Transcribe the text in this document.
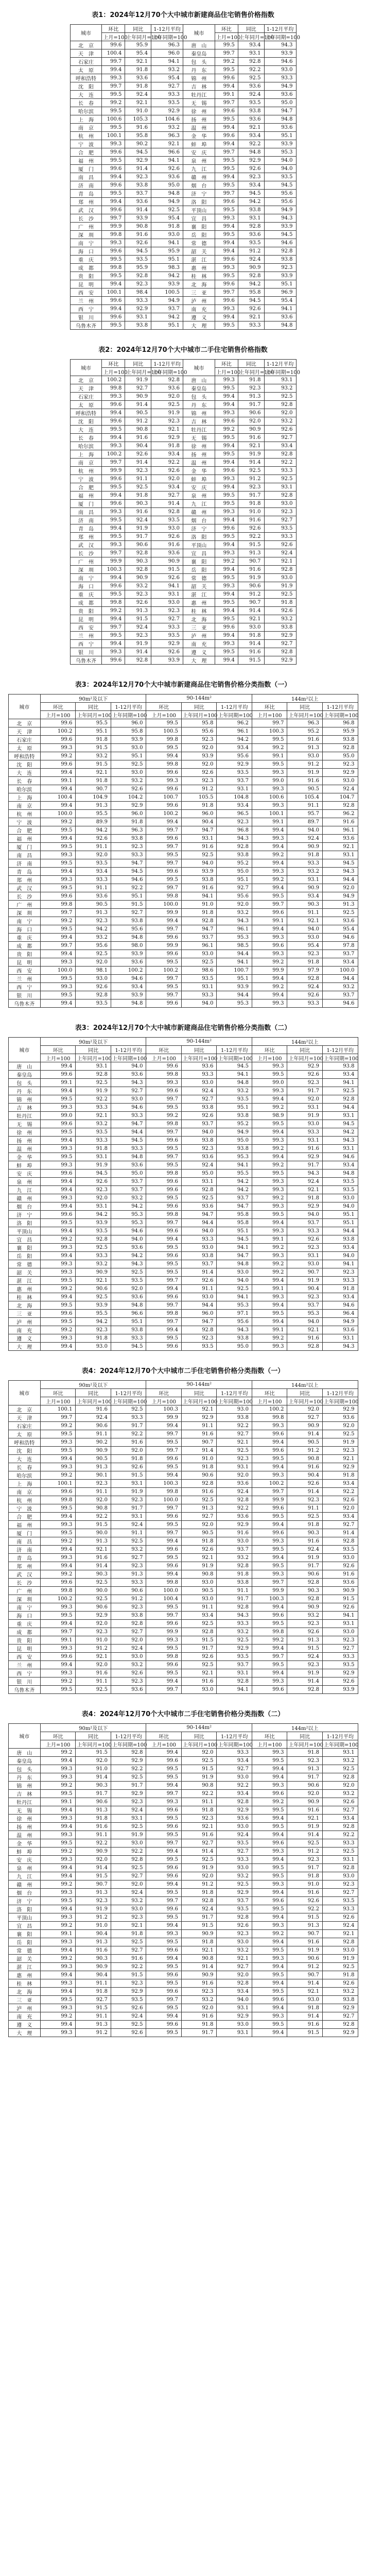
表1：2024年12月70个大中城市新建商品住宅销售价格指数
城市	环比	同比	1-12月平均	城市	环比	同比	1-12月平均
	上月=100	上年同月=100	上年同期=100		上月=100	上年同月=100	上年同期=100
北　京	99.6	95.9	96.3	唐　山	99.5	93.4	94.3
天　津	100.4	95.4	96.0	秦皇岛	99.7	93.1	93.9
石家庄	99.7	92.1	94.1	包　头	99.2	92.8	94.6
太　原	99.4	91.8	93.2	丹　东	99.5	92.2	93.0
呼和浩特	99.3	93.6	95.4	锦　州	99.6	92.5	93.3
沈　阳	99.7	91.8	92.7	吉　林	99.4	93.6	94.9
大　连	99.5	92.4	93.3	牡丹江	99.1	92.4	93.6
长　春	99.2	92.1	93.5	无　锡	99.7	93.5	95.0
哈尔滨	99.5	91.0	92.9	徐　州	99.6	93.8	94.7
上　海	100.6	105.3	104.6	扬　州	99.5	93.6	94.8
南　京	99.5	91.6	93.2	温　州	99.4	92.1	93.6
杭　州	100.1	95.8	96.3	金　华	99.6	93.4	95.1
宁　波	99.3	90.2	92.1	蚌　埠	99.4	92.2	93.9
合　肥	99.6	94.5	96.6	安　庆	99.7	94.8	95.3
福　州	99.5	92.9	94.1	泉　州	99.5	92.9	94.0
厦　门	99.6	91.4	92.6	九　江	99.5	92.6	94.0
南　昌	99.4	92.3	93.6	赣　州	99.4	92.3	93.5
济　南	99.6	93.8	95.0	烟　台	99.5	93.4	94.5
青　岛	99.5	93.7	94.8	济　宁	99.7	94.5	95.6
郑　州	99.4	93.6	94.9	洛　阳	99.6	94.2	95.6
武　汉	99.6	91.4	92.5	平顶山	99.5	93.8	94.9
长　沙	99.7	93.9	95.4	宜　昌	99.3	93.1	94.3
广　州	99.9	90.8	91.8	襄　阳	99.4	92.8	93.9
深　圳	99.8	91.6	93.0	岳　阳	99.5	93.6	94.5
南　宁	99.3	92.6	94.1	常　德	99.4	93.5	94.6
海　口	99.6	94.5	95.9	韶　关	99.4	91.2	92.8
重　庆	99.5	93.5	95.1	湛　江	99.6	92.4	93.8
成　都	99.8	95.9	98.3	惠　州	99.3	90.9	92.3
贵　阳	99.5	92.8	94.2	桂　林	99.5	92.8	93.9
昆　明	99.4	92.3	93.9	北　海	99.6	94.2	95.1
西　安	100.1	98.4	100.5	三　亚	99.7	95.8	96.9
兰　州	99.6	93.3	94.9	泸　州	99.6	94.5	95.4
西　宁	99.4	92.9	93.7	南　充	99.3	92.6	94.1
银　川	99.6	93.1	94.2	遵　义	99.4	92.1	93.6
乌鲁木齐	99.5	93.8	95.1	大　理	99.5	93.3	94.8
表2：2024年12月70个大中城市二手住宅销售价格指数
城市	环比	同比	1-12月平均	城市	环比	同比	1-12月平均
	上月=100	上年同月=100	上年同期=100		上月=100	上年同月=100	上年同期=100
北　京	100.2	91.9	92.8	唐　山	99.3	91.8	93.1
天　津	99.8	92.7	93.6	秦皇岛	99.5	92.3	93.2
石家庄	99.3	90.9	92.0	包　头	99.4	91.3	92.5
太　原	99.6	91.4	92.5	丹　东	99.4	91.7	92.8
呼和浩特	99.4	90.5	91.9	锦　州	99.3	90.6	92.0
沈　阳	99.6	91.2	92.3	吉　林	99.6	92.0	93.2
大　连	99.5	90.8	92.1	牡丹江	99.2	90.9	92.6
长　春	99.4	91.6	92.9	无　锡	99.5	91.6	92.7
哈尔滨	99.3	90.4	91.8	徐　州	99.4	92.1	93.4
上　海	100.2	92.6	93.4	扬　州	99.5	91.9	92.8
南　京	99.7	91.4	92.2	温　州	99.4	91.4	92.2
杭　州	99.9	92.3	92.6	金　华	99.6	92.5	93.3
宁　波	99.6	91.1	92.0	蚌　埠	99.3	91.2	92.5
合　肥	99.5	92.5	93.4	安　庆	99.4	92.3	93.1
福　州	99.4	91.8	92.7	泉　州	99.5	91.7	92.8
厦　门	99.6	90.3	91.4	九　江	99.5	91.8	93.0
南　昌	99.3	91.6	92.8	赣　州	99.3	91.0	92.3
济　南	99.5	92.4	93.5	烟　台	99.4	91.6	92.7
青　岛	99.4	91.9	93.0	济　宁	99.6	92.6	93.5
郑　州	99.5	91.7	92.6	洛　阳	99.5	92.2	93.3
武　汉	99.3	90.6	91.6	平顶山	99.4	91.5	92.6
长　沙	99.7	92.8	93.6	宜　昌	99.3	91.3	92.4
广　州	99.9	90.3	90.9	襄　阳	99.2	90.7	92.1
深　圳	100.3	92.8	91.5	岳　阳	99.4	91.6	92.8
南　宁	99.4	90.9	92.6	常　德	99.5	91.9	93.0
海　口	99.6	93.2	94.1	韶　关	99.3	90.6	91.9
重　庆	99.5	92.3	93.1	湛　江	99.4	91.2	92.5
成　都	99.8	92.6	93.0	惠　州	99.5	90.7	91.8
贵　阳	99.2	91.3	92.3	桂　林	99.4	91.4	92.6
昆　明	99.4	91.5	92.7	北　海	99.5	92.1	93.2
西　安	99.7	92.4	93.3	三　亚	99.6	93.0	93.8
兰　州	99.5	92.3	93.5	泸　州	99.4	91.8	92.9
西　宁	99.4	91.9	92.9	南　充	99.3	91.4	92.7
银　川	99.3	91.4	92.6	遵　义	99.5	91.6	92.8
乌鲁木齐	99.6	92.8	93.9	大　理	99.4	91.5	92.9
表3：2024年12月70个大中城市新建商品住宅销售价格分类指数（一）
城市	90m²及以下			90-144m²			144m²以上		
	环比	同比	1-12月平均	环比	同比	1-12月平均	环比	同比	1-12月平均
	上月=100	上年同月=100	上年同期=100	上月=100	上年同月=100	上年同期=100	上月=100	上年同月=100	上年同期=100
北　京	99.6	95.5	96.0	99.5	95.8	96.2	99.7	96.3	96.8
天　津	100.2	95.1	95.8	100.5	95.6	96.1	100.3	95.2	95.9
石家庄	99.6	91.8	93.9	99.8	92.3	94.2	99.5	91.6	93.8
太　原	99.3	91.5	93.0	99.5	92.0	93.4	99.2	91.3	92.8
呼和浩特	99.2	93.2	95.1	99.4	93.9	95.6	99.1	93.0	95.0
沈　阳	99.6	91.5	92.5	99.8	92.0	92.9	99.5	91.2	92.3
大　连	99.4	92.1	93.0	99.6	92.6	93.5	99.3	91.9	92.9
长　春	99.1	91.8	93.2	99.3	92.3	93.7	99.0	91.6	93.0
哈尔滨	99.4	90.7	92.6	99.6	91.2	93.1	99.3	90.5	92.4
上　海	100.4	104.9	104.2	100.7	105.5	104.8	100.6	105.4	104.7
南　京	99.4	91.3	92.9	99.6	91.8	93.4	99.3	91.1	92.8
杭　州	100.0	95.5	96.0	100.2	96.0	96.5	100.1	95.7	96.2
宁　波	99.2	89.9	91.8	99.4	90.4	92.3	99.1	89.7	91.6
合　肥	99.5	94.2	96.3	99.7	94.7	96.8	99.4	94.0	96.1
福　州	99.4	92.6	93.8	99.6	93.1	94.3	99.3	92.4	93.6
厦　门	99.5	91.1	92.3	99.7	91.6	92.8	99.4	90.9	92.1
南　昌	99.3	92.0	93.3	99.5	92.5	93.8	99.2	91.8	93.1
济　南	99.5	93.5	94.7	99.7	94.0	95.2	99.4	93.3	94.5
青　岛	99.4	93.4	94.5	99.6	93.9	95.0	99.3	93.2	94.3
郑　州	99.3	93.3	94.6	99.5	93.8	95.1	99.2	93.1	94.4
武　汉	99.5	91.1	92.2	99.7	91.6	92.7	99.4	90.9	92.0
长　沙	99.6	93.6	95.1	99.8	94.1	95.6	99.5	93.4	94.9
广　州	99.8	90.5	91.5	100.0	91.0	92.0	99.7	90.3	91.3
深　圳	99.7	91.3	92.7	99.9	91.8	93.2	99.6	91.1	92.5
南　宁	99.2	92.3	93.8	99.4	92.8	94.3	99.1	92.1	93.6
海　口	99.5	94.2	95.6	99.7	94.7	96.1	99.4	94.0	95.4
重　庆	99.4	93.2	94.8	99.6	93.7	95.3	99.3	93.0	94.6
成　都	99.7	95.6	98.0	99.9	96.1	98.5	99.6	95.4	97.8
贵　阳	99.4	92.5	93.9	99.6	93.0	94.4	99.3	92.3	93.7
昆　明	99.3	92.0	93.6	99.5	92.5	94.1	99.2	91.8	93.4
西　安	100.0	98.1	100.2	100.2	98.6	100.7	99.9	97.9	100.0
兰　州	99.5	93.0	94.6	99.7	93.5	95.1	99.4	92.8	94.4
西　宁	99.3	92.6	93.4	99.5	93.1	93.9	99.2	92.4	93.2
银　川	99.5	92.8	93.9	99.7	93.3	94.4	99.4	92.6	93.7
乌鲁木齐	99.4	93.5	94.8	99.6	94.0	95.3	99.3	93.3	94.6
表3：2024年12月70个大中城市新建商品住宅销售价格分类指数（二）
城市	90m²及以下			90-144m²			144m²以上		
	环比	同比	1-12月平均	环比	同比	1-12月平均	环比	同比	1-12月平均
	上月=100	上年同月=100	上年同期=100	上月=100	上年同月=100	上年同期=100	上月=100	上年同月=100	上年同期=100
唐　山	99.4	93.1	94.0	99.6	93.6	94.5	99.3	92.9	93.8
秦皇岛	99.6	92.8	93.6	99.8	93.3	94.1	99.5	92.6	93.4
包　头	99.1	92.5	94.3	99.3	93.0	94.8	99.0	92.3	94.1
丹　东	99.4	91.9	92.7	99.6	92.4	93.2	99.3	91.7	92.5
锦　州	99.5	92.2	93.0	99.7	92.7	93.5	99.4	92.0	92.8
吉　林	99.3	93.3	94.6	99.5	93.8	95.1	99.2	93.1	94.4
牡丹江	99.0	92.1	93.3	99.2	92.6	93.8	98.9	91.9	93.1
无　锡	99.6	93.2	94.7	99.8	93.7	95.2	99.5	93.0	94.5
徐　州	99.5	93.5	94.4	99.7	94.0	94.9	99.4	93.3	94.2
扬　州	99.4	93.3	94.5	99.6	93.8	95.0	99.3	93.1	94.3
温　州	99.3	91.8	93.3	99.5	92.3	93.8	99.2	91.6	93.1
金　华	99.5	93.1	94.8	99.7	93.6	95.3	99.4	92.9	94.6
蚌　埠	99.3	91.9	93.6	99.5	92.4	94.1	99.2	91.7	93.4
安　庆	99.6	94.5	95.0	99.8	95.0	95.5	99.5	94.3	94.8
泉　州	99.4	92.6	93.7	99.6	93.1	94.2	99.3	92.4	93.5
九　江	99.4	92.3	93.7	99.6	92.8	94.2	99.3	92.1	93.5
赣　州	99.3	92.0	93.2	99.5	92.5	93.7	99.2	91.8	93.0
烟　台	99.4	93.1	94.2	99.6	93.6	94.7	99.3	92.9	94.0
济　宁	99.6	94.2	95.3	99.8	94.7	95.8	99.5	94.0	95.1
洛　阳	99.5	93.9	95.3	99.7	94.4	95.8	99.4	93.7	95.1
平顶山	99.4	93.5	94.6	99.6	94.0	95.1	99.3	93.3	94.4
宜　昌	99.2	92.8	94.0	99.4	93.3	94.5	99.1	92.6	93.8
襄　阳	99.3	92.5	93.6	99.5	93.0	94.1	99.2	92.3	93.4
岳　阳	99.4	93.3	94.2	99.6	93.8	94.7	99.3	93.1	94.0
常　德	99.3	93.2	94.3	99.5	93.7	94.8	99.2	93.0	94.1
韶　关	99.3	90.9	92.5	99.5	91.4	93.0	99.2	90.7	92.3
湛　江	99.5	92.1	93.5	99.7	92.6	94.0	99.4	91.9	93.3
惠　州	99.2	90.6	92.0	99.4	91.1	92.5	99.1	90.4	91.8
桂　林	99.4	92.5	93.6	99.6	93.0	94.1	99.3	92.3	93.4
北　海	99.5	93.9	94.8	99.7	94.4	95.3	99.4	93.7	94.6
三　亚	99.6	95.5	96.6	99.8	96.0	97.1	99.5	95.3	96.4
泸　州	99.5	94.2	95.1	99.7	94.7	95.6	99.4	94.0	94.9
南　充	99.2	92.3	93.8	99.4	92.8	94.3	99.1	92.1	93.6
遵　义	99.3	91.8	93.3	99.5	92.3	93.8	99.2	91.6	93.1
大　理	99.4	93.0	94.5	99.6	93.5	95.0	99.3	92.8	94.3
表4：2024年12月70个大中城市二手住宅销售价格分类指数（一）
城市	90m²及以下			90-144m²			144m²以上		
	环比	同比	1-12月平均	环比	同比	1-12月平均	环比	同比	1-12月平均
	上月=100	上年同月=100	上年同期=100	上月=100	上年同月=100	上年同期=100	上月=100	上年同月=100	上年同期=100
北　京	100.1	91.6	92.5	100.3	92.1	93.0	100.2	92.0	92.9
天　津	99.7	92.4	93.3	99.9	92.9	93.8	99.8	92.7	93.6
石家庄	99.2	90.6	91.7	99.4	91.1	92.2	99.3	90.9	92.0
太　原	99.5	91.1	92.2	99.7	91.6	92.7	99.6	91.4	92.5
呼和浩特	99.3	90.2	91.6	99.5	90.7	92.1	99.4	90.5	91.9
沈　阳	99.5	90.9	92.0	99.7	91.4	92.5	99.6	91.2	92.3
大　连	99.4	90.5	91.8	99.6	91.0	92.3	99.5	90.8	92.1
长　春	99.3	91.3	92.6	99.5	91.8	93.1	99.4	91.6	92.9
哈尔滨	99.2	90.1	91.5	99.4	90.6	92.0	99.3	90.4	91.8
上　海	100.1	92.3	93.1	100.3	92.8	93.6	100.2	92.6	93.4
南　京	99.6	91.1	91.9	99.8	91.6	92.4	99.7	91.4	92.2
杭　州	99.8	92.0	92.3	100.0	92.5	92.8	99.9	92.3	92.6
宁　波	99.5	90.8	91.7	99.7	91.3	92.2	99.6	91.1	92.0
合　肥	99.4	92.2	93.1	99.6	92.7	93.6	99.5	92.5	93.4
福　州	99.3	91.5	92.4	99.5	92.0	92.9	99.4	91.8	92.7
厦　门	99.5	90.0	91.1	99.7	90.5	91.6	99.6	90.3	91.4
南　昌	99.2	91.3	92.5	99.4	91.8	93.0	99.3	91.6	92.8
济　南	99.4	92.1	93.2	99.6	92.6	93.7	99.5	92.4	93.5
青　岛	99.3	91.6	92.7	99.5	92.1	93.2	99.4	91.9	93.0
郑　州	99.4	91.4	92.3	99.6	91.9	92.8	99.5	91.7	92.6
武　汉	99.2	90.3	91.3	99.4	90.8	91.8	99.3	90.6	91.6
长　沙	99.6	92.5	93.3	99.8	93.0	93.8	99.7	92.8	93.6
广　州	99.8	90.0	90.6	100.0	90.5	91.1	99.9	90.3	90.9
深　圳	100.2	92.5	91.2	100.4	93.0	91.7	100.3	92.8	91.5
南　宁	99.3	90.6	92.3	99.5	91.1	92.8	99.4	90.9	92.6
海　口	99.5	92.9	93.8	99.7	93.4	94.3	99.6	93.2	94.1
重　庆	99.4	92.0	92.8	99.6	92.5	93.3	99.5	92.3	93.1
成　都	99.7	92.3	92.7	99.9	92.8	93.2	99.8	92.6	93.0
贵　阳	99.1	91.0	92.0	99.3	91.5	92.5	99.2	91.3	92.3
昆　明	99.3	91.2	92.4	99.5	91.7	92.9	99.4	91.5	92.7
西　安	99.6	92.1	93.0	99.8	92.6	93.5	99.7	92.4	93.3
兰　州	99.4	92.0	93.2	99.6	92.5	93.7	99.5	92.3	93.5
西　宁	99.3	91.6	92.6	99.5	92.1	93.1	99.4	91.9	92.9
银　川	99.2	91.1	92.3	99.4	91.6	92.8	99.3	91.4	92.6
乌鲁木齐	99.5	92.5	93.6	99.7	93.0	94.1	99.6	92.8	93.9
表4：2024年12月70个大中城市二手住宅销售价格分类指数（二）
城市	90m²及以下			90-144m²			144m²以上		
	环比	同比	1-12月平均	环比	同比	1-12月平均	环比	同比	1-12月平均
	上月=100	上年同月=100	上年同期=100	上月=100	上年同月=100	上年同期=100	上月=100	上年同月=100	上年同期=100
唐　山	99.2	91.5	92.8	99.4	92.0	93.3	99.3	91.8	93.1
秦皇岛	99.4	92.0	92.9	99.6	92.5	93.4	99.5	92.3	93.2
包　头	99.3	91.0	92.2	99.5	91.5	92.7	99.4	91.3	92.5
丹　东	99.3	91.4	92.5	99.5	91.9	93.0	99.4	91.7	92.8
锦　州	99.2	90.3	91.7	99.4	90.8	92.2	99.3	90.6	92.0
吉　林	99.5	91.7	92.9	99.7	92.2	93.4	99.6	92.0	93.2
牡丹江	99.1	90.6	92.3	99.3	91.1	92.8	99.2	90.9	92.6
无　锡	99.4	91.3	92.4	99.6	91.8	92.9	99.5	91.6	92.7
徐　州	99.3	91.8	93.1	99.5	92.3	93.6	99.4	92.1	93.4
扬　州	99.4	91.6	92.5	99.6	92.1	93.0	99.5	91.9	92.8
温　州	99.3	91.1	91.9	99.5	91.6	92.4	99.4	91.4	92.2
金　华	99.5	92.2	93.0	99.7	92.7	93.5	99.6	92.5	93.3
蚌　埠	99.2	90.9	92.2	99.4	91.4	92.7	99.3	91.2	92.5
安　庆	99.3	92.0	92.8	99.5	92.5	93.3	99.4	92.3	93.1
泉　州	99.4	91.4	92.5	99.6	91.9	93.0	99.5	91.7	92.8
九　江	99.4	91.5	92.7	99.6	92.0	93.2	99.5	91.8	93.0
赣　州	99.2	90.7	92.0	99.4	91.2	92.5	99.3	91.0	92.3
烟　台	99.3	91.3	92.4	99.5	91.8	92.9	99.4	91.6	92.7
济　宁	99.5	92.3	93.2	99.7	92.8	93.7	99.6	92.6	93.5
洛　阳	99.4	91.9	93.0	99.6	92.4	93.5	99.5	92.2	93.3
平顶山	99.3	91.2	92.3	99.5	91.7	92.8	99.4	91.5	92.6
宜　昌	99.2	91.0	92.1	99.4	91.5	92.6	99.3	91.3	92.4
襄　阳	99.1	90.4	91.8	99.3	90.9	92.3	99.2	90.7	92.1
岳　阳	99.3	91.3	92.5	99.5	91.8	93.0	99.4	91.6	92.8
常　德	99.4	91.6	92.7	99.6	92.1	93.2	99.5	91.9	93.0
韶　关	99.2	90.3	91.6	99.4	90.8	92.1	99.3	90.6	91.9
湛　江	99.3	90.9	92.2	99.5	91.4	92.7	99.4	91.2	92.5
惠　州	99.4	90.4	91.5	99.6	90.9	92.0	99.5	90.7	91.8
桂　林	99.3	91.1	92.3	99.5	91.6	92.8	99.4	91.4	92.6
北　海	99.4	91.8	92.9	99.6	92.3	93.4	99.5	92.1	93.2
三　亚	99.5	92.7	93.5	99.7	93.2	94.0	99.6	93.0	93.8
泸　州	99.3	91.5	92.6	99.5	92.0	93.1	99.4	91.8	92.9
南　充	99.2	91.1	92.4	99.4	91.6	92.9	99.3	91.4	92.7
遵　义	99.4	91.3	92.5	99.6	91.8	93.0	99.5	91.6	92.8
大　理	99.3	91.2	92.6	99.5	91.7	93.1	99.4	91.5	92.9
